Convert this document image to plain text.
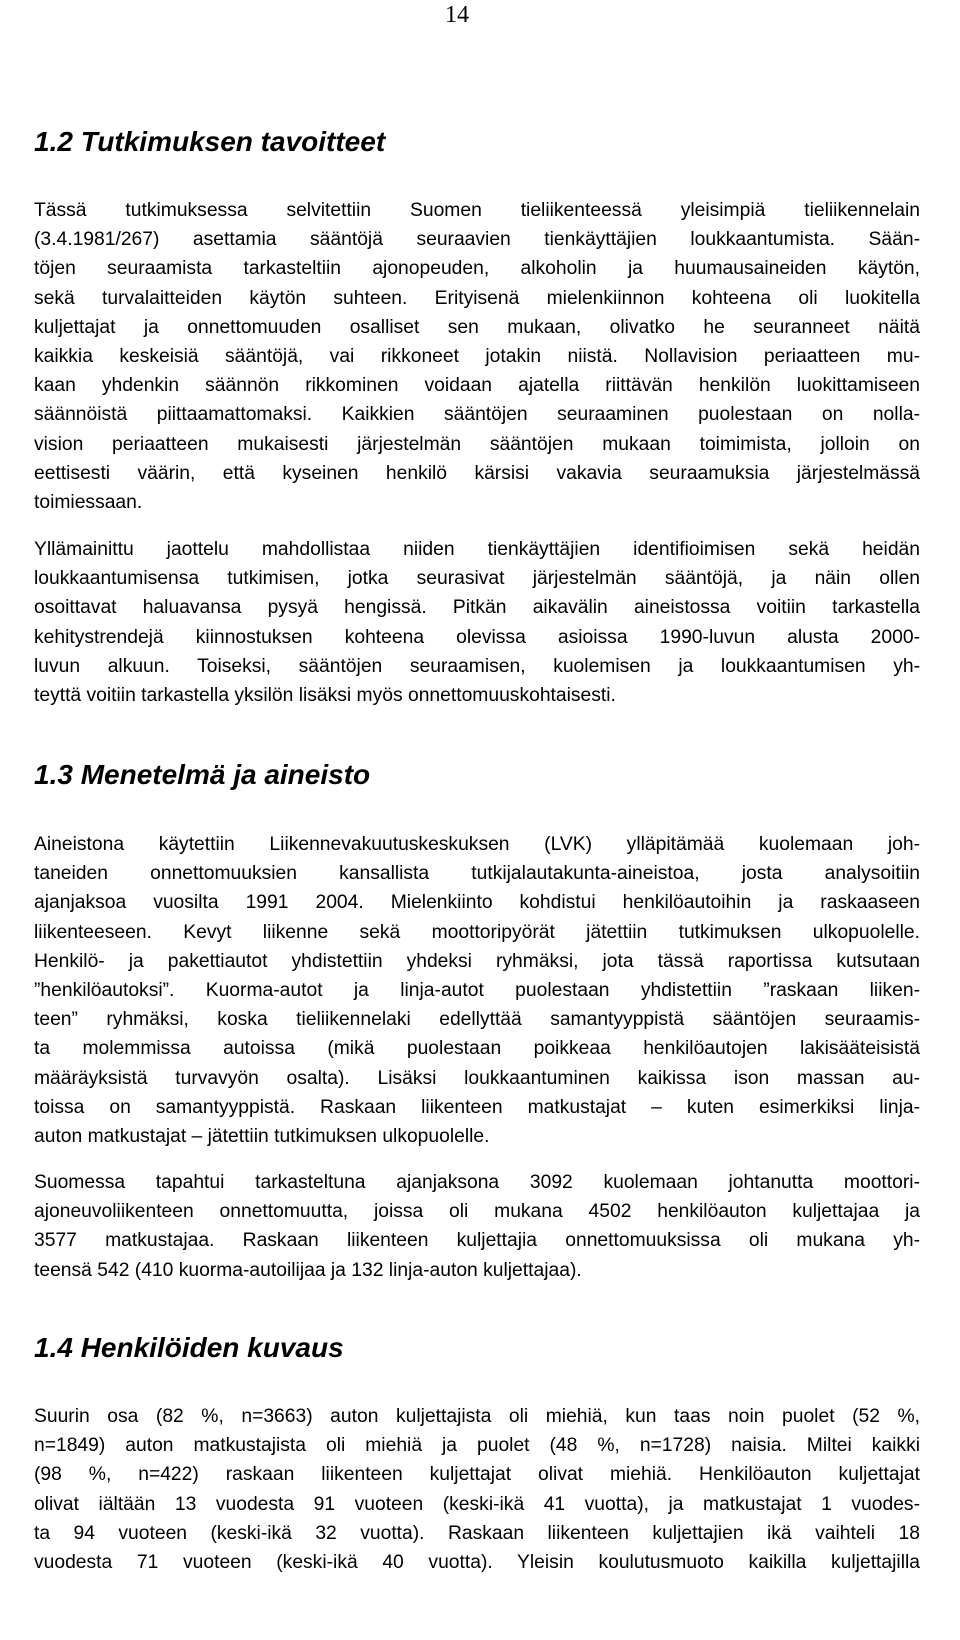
14
1.2 Tutkimuksen tavoitteet

Tässä tutkimuksessa selvitettiin Suomen tieliikenteessä yleisimpiä tieliikennelain
(3.4.1981/267) asettamia sääntöjä seuraavien tienkäyttäjien loukkaantumista. Sään-
töjen seuraamista tarkasteltiin ajonopeuden, alkoholin ja huumausaineiden käytön,
sekä turvalaitteiden käytön suhteen. Erityisenä mielenkiinnon kohteena oli luokitella
kuljettajat ja onnettomuuden osalliset sen mukaan, olivatko he seuranneet näitä
kaikkia keskeisiä sääntöjä, vai rikkoneet jotakin niistä. Nollavision periaatteen mu-
kaan yhdenkin säännön rikkominen voidaan ajatella riittävän henkilön luokittamiseen
säännöistä piittaamattomaksi. Kaikkien sääntöjen seuraaminen puolestaan on nolla-
vision periaatteen mukaisesti järjestelmän sääntöjen mukaan toimimista, jolloin on
eettisesti väärin, että kyseinen henkilö kärsisi vakavia seuraamuksia järjestelmässä
toimiessaan.

Yllämainittu jaottelu mahdollistaa niiden tienkäyttäjien identifioimisen sekä heidän
loukkaantumisensa tutkimisen, jotka seurasivat järjestelmän sääntöjä, ja näin ollen
osoittavat haluavansa pysyä hengissä. Pitkän aikavälin aineistossa voitiin tarkastella
kehitystrendejä kiinnostuksen kohteena olevissa asioissa 1990-luvun alusta 2000-
luvun alkuun. Toiseksi, sääntöjen seuraamisen, kuolemisen ja loukkaantumisen yh-
teyttä voitiin tarkastella yksilön lisäksi myös onnettomuuskohtaisesti.

1.3 Menetelmä ja aineisto

Aineistona käytettiin Liikennevakuutuskeskuksen (LVK) ylläpitämää kuolemaan joh-
taneiden onnettomuuksien kansallista tutkijalautakunta-aineistoa, josta analysoitiin
ajanjaksoa vuosilta 1991 2004. Mielenkiinto kohdistui henkilöautoihin ja raskaaseen
liikenteeseen. Kevyt liikenne sekä moottoripyörät jätettiin tutkimuksen ulkopuolelle.
Henkilö- ja pakettiautot yhdistettiin yhdeksi ryhmäksi, jota tässä raportissa kutsutaan
”henkilöautoksi”. Kuorma-autot ja linja-autot puolestaan yhdistettiin ”raskaan liiken-
teen” ryhmäksi, koska tieliikennelaki edellyttää samantyyppistä sääntöjen seuraamis-
ta molemmissa autoissa (mikä puolestaan poikkeaa henkilöautojen lakisääteisistä
määräyksistä turvavyön osalta). Lisäksi loukkaantuminen kaikissa ison massan au-
toissa on samantyyppistä. Raskaan liikenteen matkustajat – kuten esimerkiksi linja-
auton matkustajat – jätettiin tutkimuksen ulkopuolelle.

Suomessa tapahtui tarkasteltuna ajanjaksona 3092 kuolemaan johtanutta moottori-
ajoneuvoliikenteen onnettomuutta, joissa oli mukana 4502 henkilöauton kuljettajaa ja
3577 matkustajaa. Raskaan liikenteen kuljettajia onnettomuuksissa oli mukana yh-
teensä 542 (410 kuorma-autoilijaa ja 132 linja-auton kuljettajaa).

1.4 Henkilöiden kuvaus

Suurin osa (82 %, n=3663) auton kuljettajista oli miehiä, kun taas noin puolet (52 %,
n=1849) auton matkustajista oli miehiä ja puolet (48 %, n=1728) naisia. Miltei kaikki
(98 %, n=422) raskaan liikenteen kuljettajat olivat miehiä. Henkilöauton kuljettajat
olivat iältään 13 vuodesta 91 vuoteen (keski-ikä 41 vuotta), ja matkustajat 1 vuodes-
ta 94 vuoteen (keski-ikä 32 vuotta). Raskaan liikenteen kuljettajien ikä vaihteli 18
vuodesta 71 vuoteen (keski-ikä 40 vuotta). Yleisin koulutusmuoto kaikilla kuljettajilla
